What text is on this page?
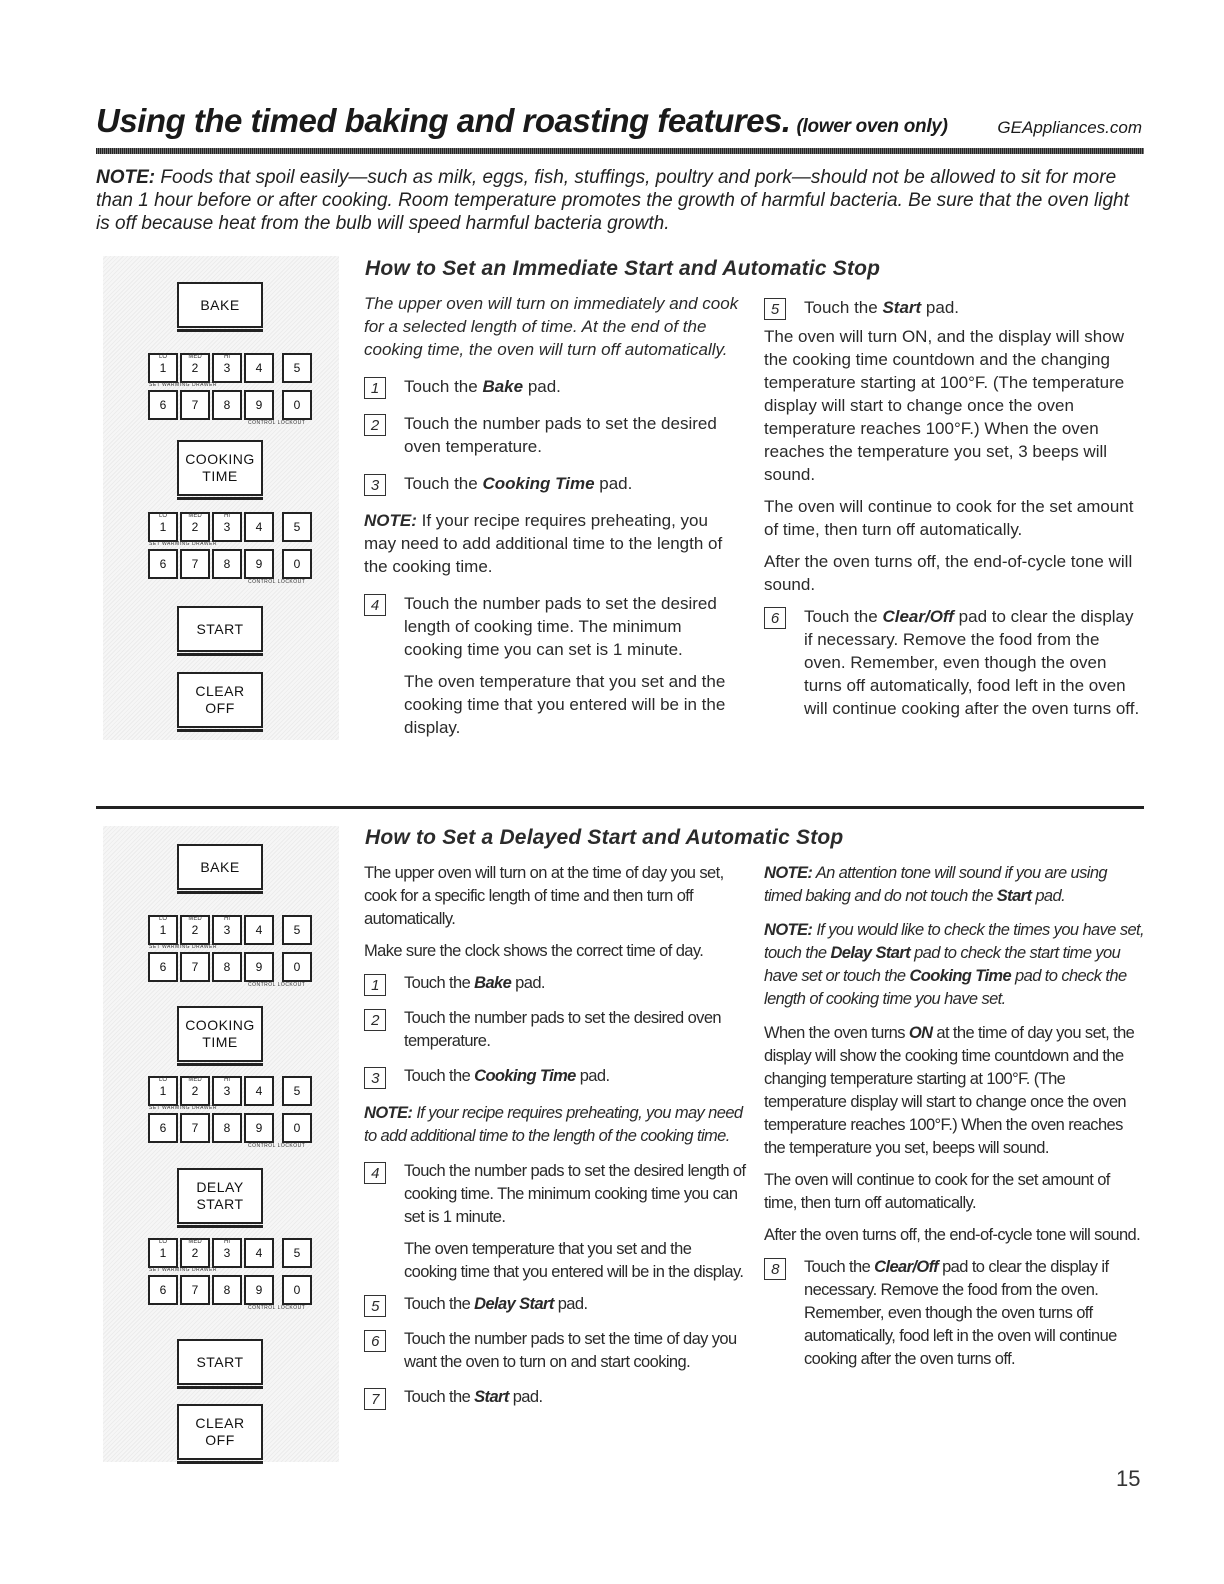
Using the timed baking and roasting features. (lower oven only)	GEAppliances.com
NOTE: Foods that spoil easily—such as milk, eggs, fish, stuffings, poultry and pork—should not be allowed to sit for more than 1 hour before or after cooking. Room temperature promotes the growth of harmful bacteria. Be sure that the oven light is off because heat from the bulb will speed harmful bacteria growth.
BAKE
LO
1
MED
2
HI
3	4	5
SET WARMING DRAWER
6	7	8	9	0
CONTROL LOCKOUT
COOKING
TIME
LO
1
MED
2
HI
3	4	5
SET WARMING DRAWER
6	7	8	9	0
CONTROL LOCKOUT
START
CLEAR
OFF
How to Set an Immediate Start and Automatic Stop

The upper oven will turn on immediately and cook for a selected length of time. At the end of the cooking time, the oven will turn off automatically.

1	Touch the Bake pad.
2	Touch the number pads to set the desired oven temperature.
3	Touch the Cooking Time pad.

NOTE: If your recipe requires preheating, you may need to add additional time to the length of the cooking time.

4	Touch the number pads to set the desired length of cooking time. The minimum cooking time you can set is 1 minute.

The oven temperature that you set and the cooking time that you entered will be in the display.

5	Touch the Start pad.

The oven will turn ON, and the display will show the cooking time countdown and the changing temperature starting at 100°F. (The temperature display will start to change once the oven temperature reaches 100°F.) When the oven reaches the temperature you set, 3 beeps will sound.

The oven will continue to cook for the set amount of time, then turn off automatically.

After the oven turns off, the end-of-cycle tone will sound.

6	Touch the Clear/Off pad to clear the display if necessary. Remove the food from the oven. Remember, even though the oven turns off automatically, food left in the oven will continue cooking after the oven turns off.
BAKE
LO
1
MED
2
HI
3	4	5
SET WARMING DRAWER
6	7	8	9	0
CONTROL LOCKOUT
COOKING
TIME
LO
1
MED
2
HI
3	4	5
SET WARMING DRAWER
6	7	8	9	0
CONTROL LOCKOUT
DELAY
START
LO
1
MED
2
HI
3	4	5
SET WARMING DRAWER
6	7	8	9	0
CONTROL LOCKOUT
START
CLEAR
OFF
How to Set a Delayed Start and Automatic Stop

The upper oven will turn on at the time of day you set, cook for a specific length of time and then turn off automatically.

Make sure the clock shows the correct time of day.

1	Touch the Bake pad.
2	Touch the number pads to set the desired oven temperature.
3	Touch the Cooking Time pad.

NOTE: If your recipe requires preheating, you may need to add additional time to the length of the cooking time.

4	Touch the number pads to set the desired length of cooking time. The minimum cooking time you can set is 1 minute.

The oven temperature that you set and the cooking time that you entered will be in the display.

5	Touch the Delay Start pad.
6	Touch the number pads to set the time of day you want the oven to turn on and start cooking.
7	Touch the Start pad.

NOTE: An attention tone will sound if you are using timed baking and do not touch the Start pad.

NOTE: If you would like to check the times you have set, touch the Delay Start pad to check the start time you have set or touch the Cooking Time pad to check the length of cooking time you have set.

When the oven turns ON at the time of day you set, the display will show the cooking time countdown and the changing temperature starting at 100°F. (The temperature display will start to change once the oven temperature reaches 100°F.) When the oven reaches the temperature you set, beeps will sound.

The oven will continue to cook for the set amount of time, then turn off automatically.

After the oven turns off, the end-of-cycle tone will sound.

8	Touch the Clear/Off pad to clear the display if necessary. Remove the food from the oven. Remember, even though the oven turns off automatically, food left in the oven will continue cooking after the oven turns off.
15
